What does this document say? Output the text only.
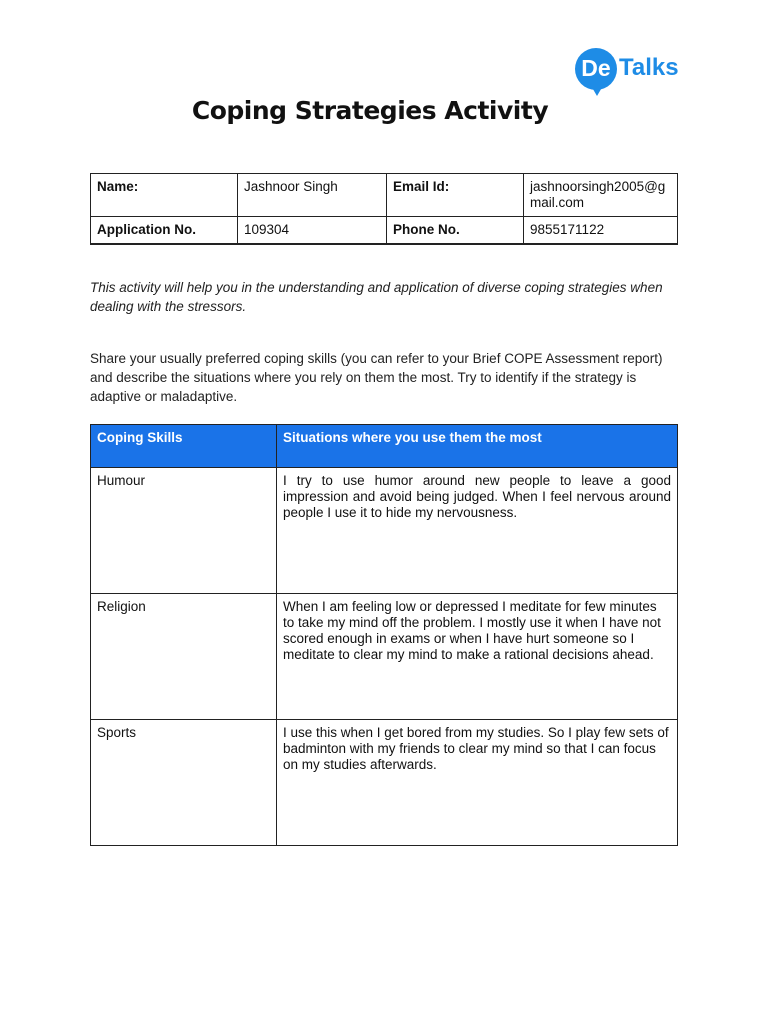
De Talks
Coping Strategies Activity
Name:	Jashnoor Singh	Email Id:	jashnoorsingh2005@gmail.com
Application No.	109304	Phone No.	9855171122
This activity will help you in the understanding and application of diverse coping strategies when dealing with the stressors.
Share your usually preferred coping skills (you can refer to your Brief COPE Assessment report) and describe the situations where you rely on them the most. Try to identify if the strategy is adaptive or maladaptive.
Coping Skills	Situations where you use them the most
Humour	I try to use humor around new people to leave a good impression and avoid being judged. When I feel nervous around people I use it to hide my nervousness.
Religion	When I am feeling low or depressed I meditate for few minutes to take my mind off the problem. I mostly use it when I have not scored enough in exams or when I have hurt someone so I meditate to clear my mind to make a rational decisions ahead.
Sports	I use this when I get bored from my studies. So I play few sets of badminton with my friends to clear my mind so that I can focus on my studies afterwards.
